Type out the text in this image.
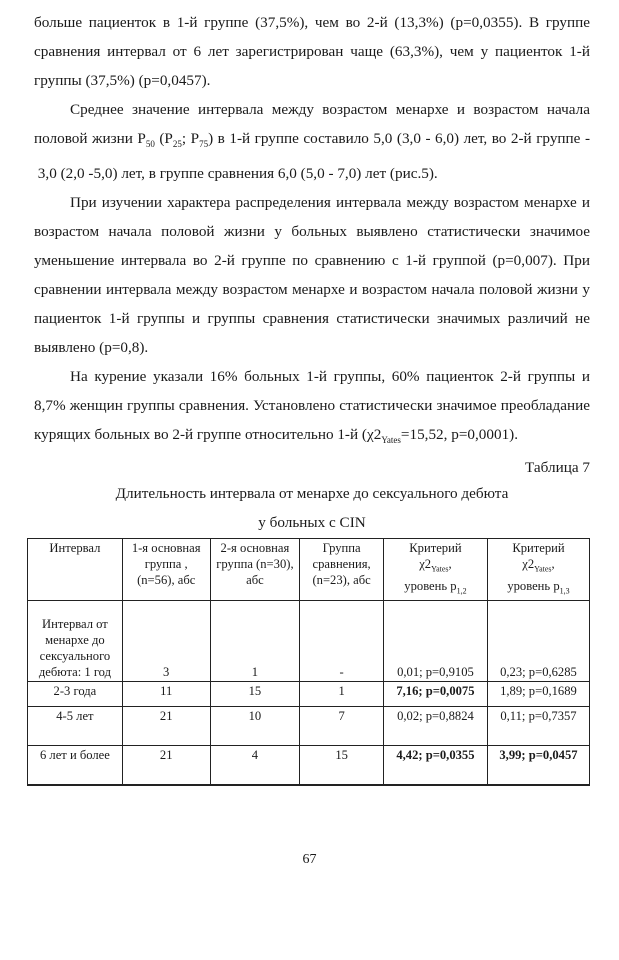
больше пациенток в 1-й группе (37,5%), чем во 2-й (13,3%) (р=0,0355). В группе сравнения интервал от 6 лет зарегистрирован чаще (63,3%), чем у пациенток 1-й группы (37,5%) (р=0,0457).

Среднее значение интервала между возрастом менархе и возрастом начала половой жизни $P_{50}$ ($P_{25}$; $P_{75}$) в 1-й группе составило 5,0 (3,0 - 6,0) лет, во 2-й группе -  3,0 (2,0 -5,0) лет, в группе сравнения 6,0 (5,0 - 7,0) лет (рис.5).

При изучении характера распределения интервала между возрастом менархе и возрастом начала половой жизни у больных выявлено статистически значимое уменьшение интервала во 2-й группе по сравнению с 1-й группой (р=0,007). При сравнении интервала между возрастом менархе и возрастом начала половой жизни у пациенток 1-й группы и группы сравнения статистически значимых различий не выявлено (р=0,8).

На курение указали 16% больных 1-й группы, 60% пациенток 2-й группы и 8,7% женщин группы сравнения. Установлено статистически значимое преобладание курящих больных во 2-й группе относительно 1-й ($\chi 2_{Yates}=15,52$, р=0,0001).

Таблица 7
Длительность интервала от менархе до сексуального дебюта
у больных с CIN
Интервал	1-я основная группа , (n=56), абс	2-я основная группа (n=30), абс	Группа сравнения, (n=23), абс	Критерий
$\chi 2_{Yates}$,
уровень $p_{1,2}$	Критерий
$\chi 2_{Yates}$,
уровень $p_{1,3}$
Интервал от менархе до сексуального дебюта: 1 год	3	1	-	0,01; р=0,9105	0,23; р=0,6285
2-3 года	11	15	1	7,16; р=0,0075	1,89; р=0,1689
4-5 лет	21	10	7	0,02; р=0,8824	0,11; р=0,7357
6 лет и более	21	4	15	4,42; р=0,0355	3,99; р=0,0457
67
